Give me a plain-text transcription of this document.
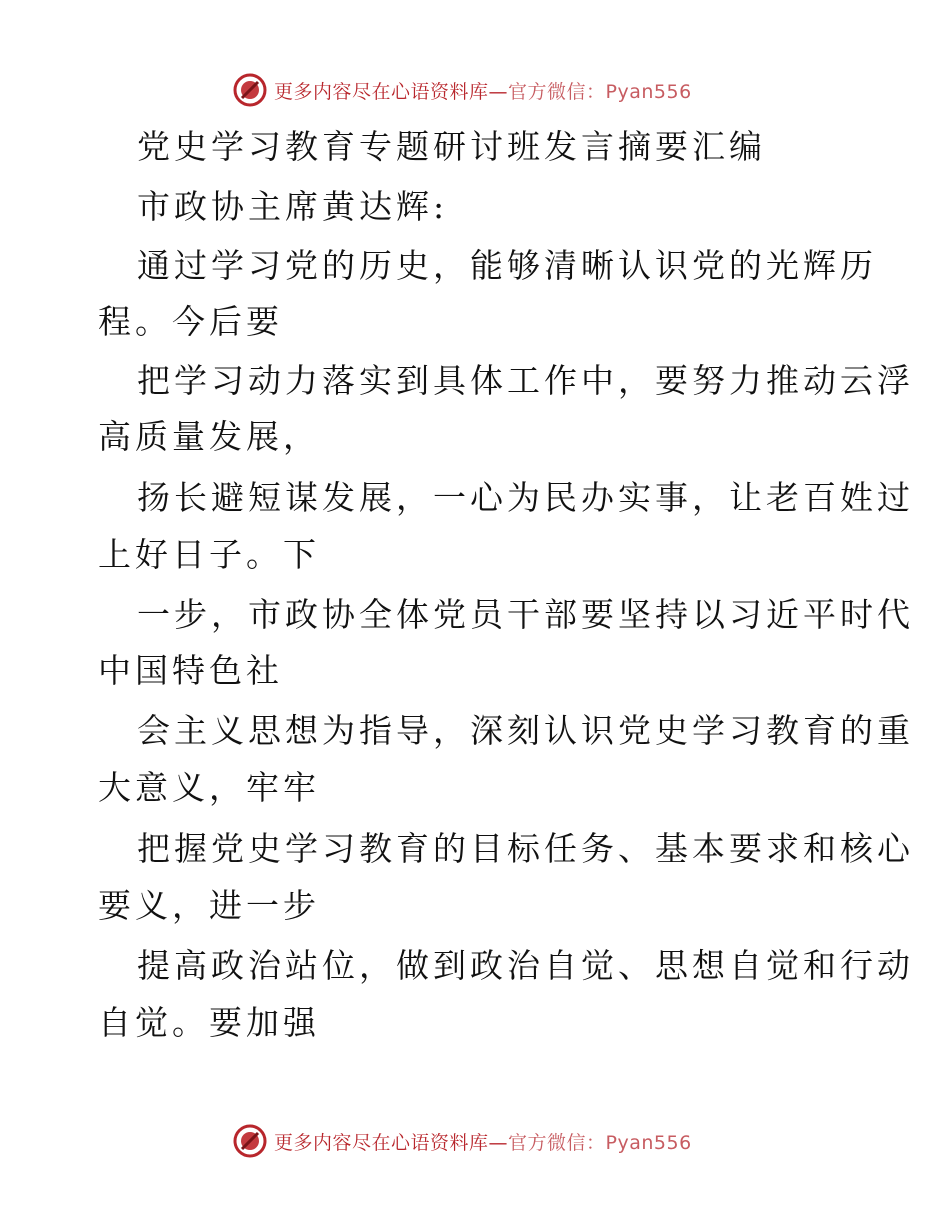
更多内容尽在心语资料库—官方微信：Pyan556
党史学习教育专题研讨班发言摘要汇编
市政协主席黄达辉:
通过学习党的历史，能够清晰认识党的光辉历
程。今后要
把学习动力落实到具体工作中，要努力推动云浮
高质量发展，
扬长避短谋发展，一心为民办实事，让老百姓过
上好日子。下
一步，市政协全体党员干部要坚持以习近平时代
中国特色社
会主义思想为指导，深刻认识党史学习教育的重
大意义，牢牢
把握党史学习教育的目标任务、基本要求和核心
要义，进一步
提高政治站位，做到政治自觉、思想自觉和行动
自觉。要加强
更多内容尽在心语资料库—官方微信：Pyan556
